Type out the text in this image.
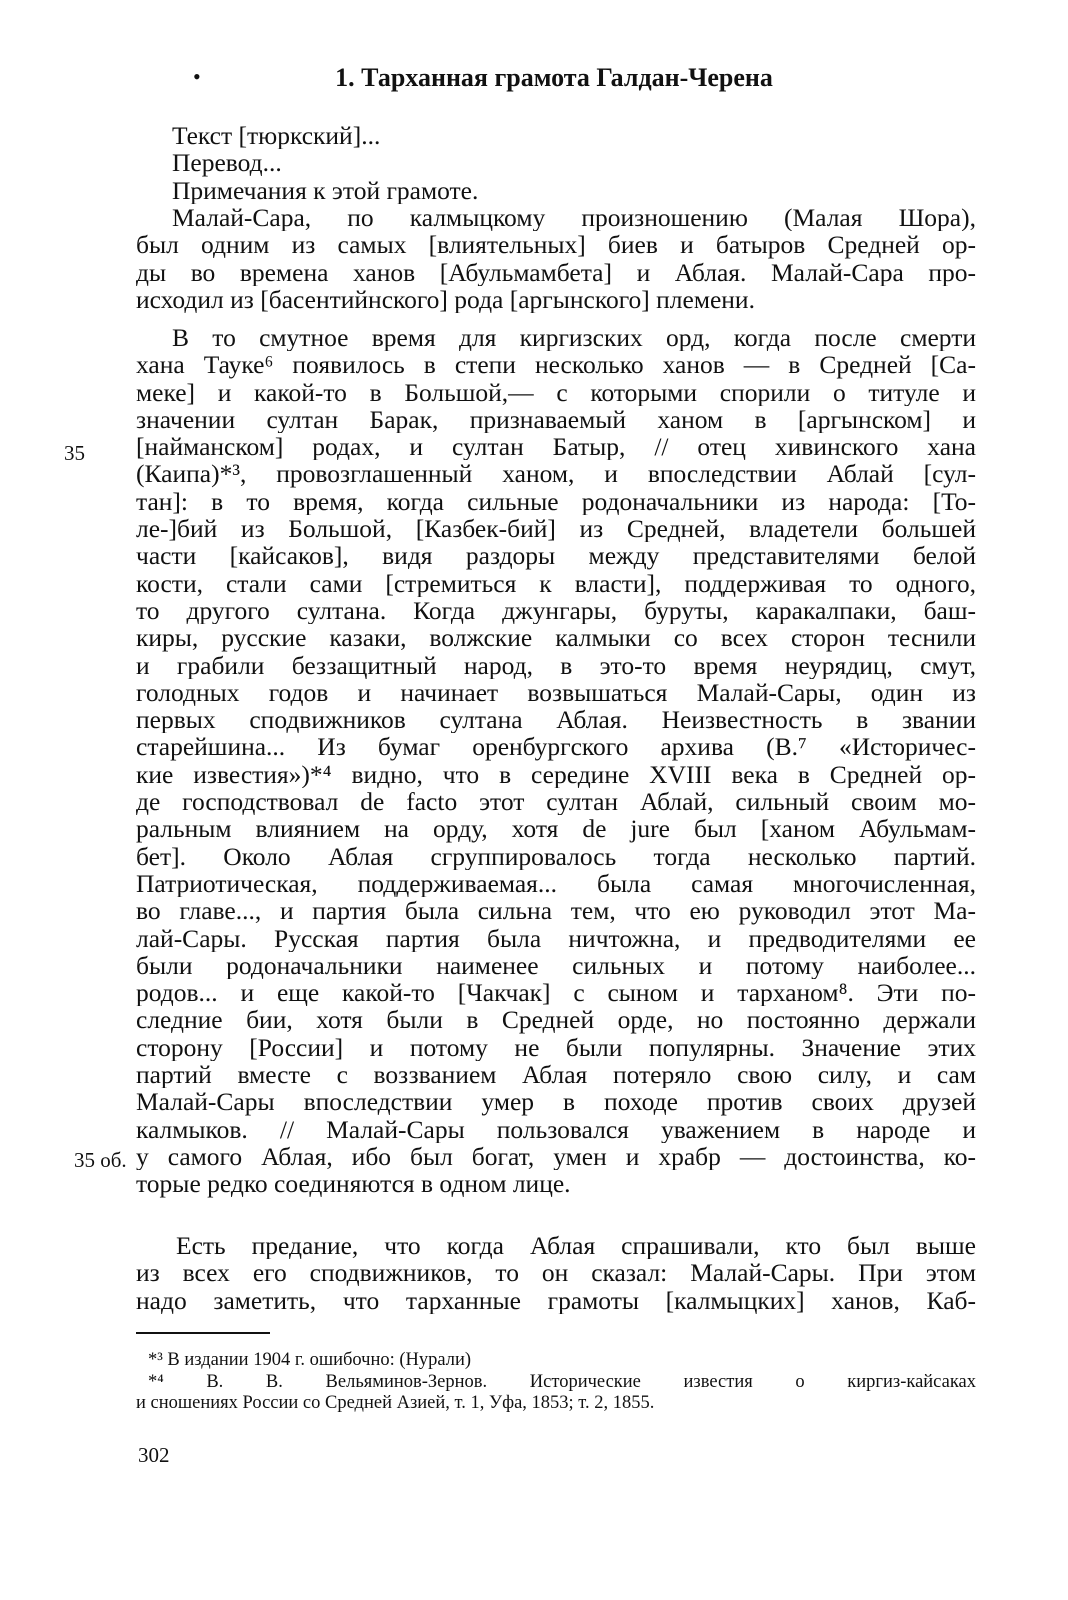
•	1. Тарханная грамота Галдан-Черена
Текст [тюркский]...
Перевод...
Примечания к этой грамоте.
Малай-Сара, по калмыцкому произношению (Малая Шора),
был одним из самых [влиятельных] биев и батыров Средней ор-
ды во времена ханов [Абульмамбета] и Аблая. Малай-Сара про-
исходил из [басентийнского] рода [аргынского] племени.
В то смутное время для киргизских орд, когда после смерти
хана Тауке⁶ появилось в степи несколько ханов — в Средней [Са-
меке] и какой-то в Большой,— с которыми спорили о титуле и
значении султан Барак, признаваемый ханом в [аргынском] и
[найманском] родах, и султан Батыр, // отец хивинского хана
(Каипа)*³, провозглашенный ханом, и впоследствии Аблай [сул-
тан]: в то время, когда сильные родоначальники из народа: [То-
ле-]бий из Большой, [Казбек-бий] из Средней, владетели большей
части [кайсаков], видя раздоры между представителями белой
кости, стали сами [стремиться к власти], поддерживая то одного,
то другого султана. Когда джунгары, буруты, каракалпаки, баш-
киры, русские казаки, волжские калмыки со всех сторон теснили
и грабили беззащитный народ, в это-то время неурядиц, смут,
голодных годов и начинает возвышаться Малай-Сары, один из
первых сподвижников султана Аблая. Неизвестность в звании
старейшина... Из бумаг оренбургского архива (В.⁷ «Историчес-
кие известия»)*⁴ видно, что в середине XVIII века в Средней ор-
де господствовал de facto этот султан Аблай, сильный своим мо-
ральным влиянием на орду, хотя de jure был [ханом Абульмам-
бет]. Около Аблая сгруппировалось тогда несколько партий.
Патриотическая, поддерживаемая... была самая многочисленная,
во главе..., и партия была сильна тем, что ею руководил этот Ма-
лай-Сары. Русская партия была ничтожна, и предводителями ее
были родоначальники наименее сильных и потому наиболее...
родов... и еще какой-то [Чакчак] с сыном и тарханом⁸. Эти по-
следние бии, хотя были в Средней орде, но постоянно держали
сторону [России] и потому не были популярны. Значение этих
партий вместе с воззванием Аблая потеряло свою силу, и сам
Малай-Сары впоследствии умер в походе против своих друзей
калмыков. // Малай-Сары пользовался уважением в народе и
у самого Аблая, ибо был богат, умен и храбр — достоинства, ко-
торые редко соединяются в одном лице.
Есть предание, что когда Аблая спрашивали, кто был выше
из всех его сподвижников, то он сказал: Малай-Сары. При этом
надо заметить, что тарханные грамоты [калмыцких] ханов, Каб-
35
35 об.
*³ В издании 1904 г. ошибочно: (Нурали)
*⁴ В. В. Вельяминов-Зернов. Исторические известия о киргиз-кайсаках
и сношениях России со Средней Азией, т. 1, Уфа, 1853; т. 2, 1855.
302
